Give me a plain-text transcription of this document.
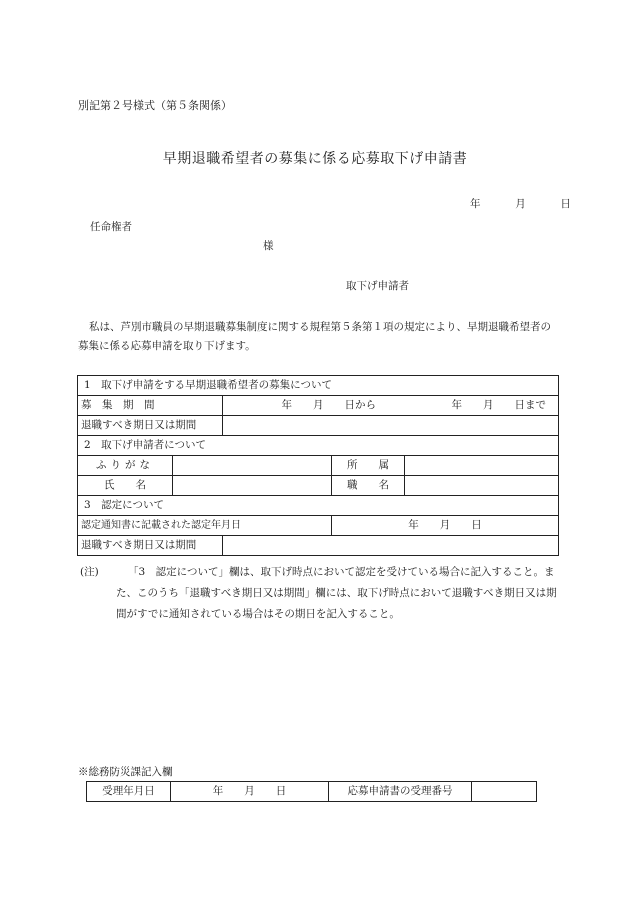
別記第２号様式（第５条関係）
早期退職希望者の募集に係る応募取下げ申請書
年	月	日
任命権者
様
取下げ申請者
私は、芦別市職員の早期退職募集制度に関する規程第５条第１項の規定により、早期退職希望者の募集に係る応募申請を取り下げます。
1　取下げ申請をする早期退職希望者の募集について				
募　集　期　間		年　　月　　日から 年　　月　　日まで		
退職すべき期日又は期間				
2　取下げ申請者について				
ふりがな			所　　属	
氏　　名			職　　名	
3　認定について				
認定通知書に記載された認定年月日			年　　月　　日	
退職すべき期日又は期間				
(注)	「3　認定について」欄は、取下げ時点において認定を受けている場合に記入すること。また、このうち「退職すべき期日又は期間」欄には、取下げ時点において退職すべき期日又は期間がすでに通知されている場合はその期日を記入すること。
※総務防災課記入欄
受理年月日	年　　月　　日	応募申請書の受理番号	
